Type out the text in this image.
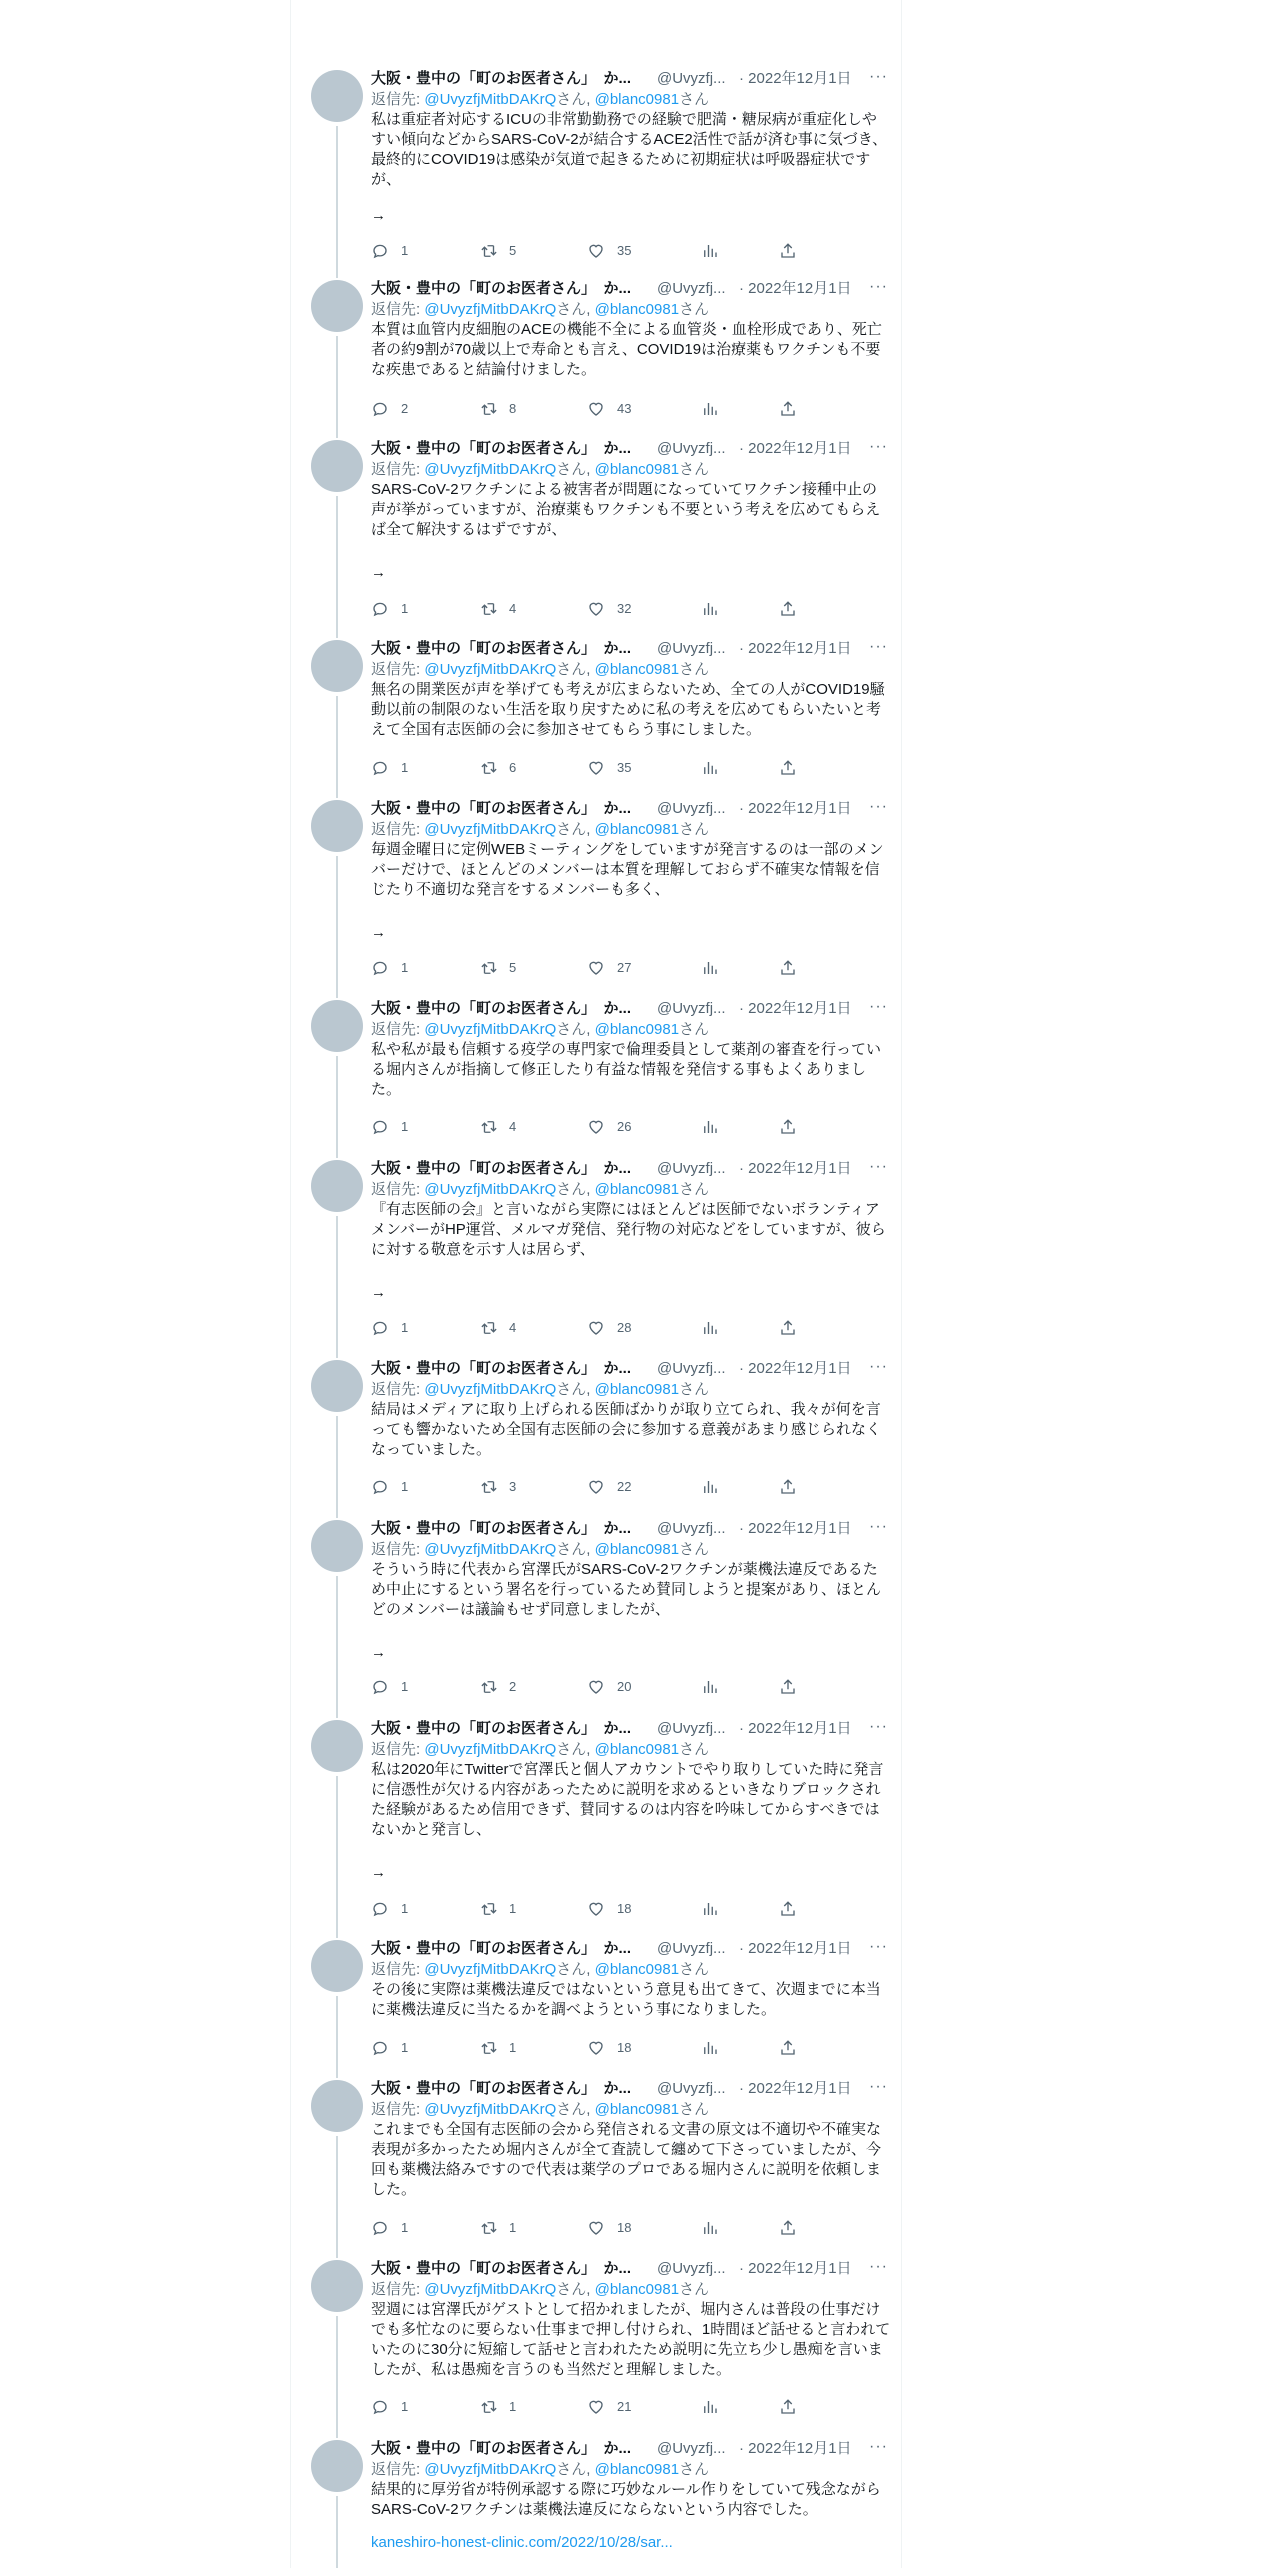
大阪・豊中の「町のお医者さん」　か... @Uvyzfj... · 2022年12月1日 ···
返信先: @UvyzfjMitbDAKrQさん, @blanc0981さん
私は重症者対応するICUの非常勤勤務での経験で肥満・糖尿病が重症化しやすい傾向などからSARS-CoV-2が結合するACE2活性で話が済む事に気づき、最終的にCOVID19は感染が気道で起きるために初期症状は呼吸器症状ですが、
→
1	5	35
大阪・豊中の「町のお医者さん」　か... @Uvyzfj... · 2022年12月1日 ···
返信先: @UvyzfjMitbDAKrQさん, @blanc0981さん
本質は血管内皮細胞のACEの機能不全による血管炎・血栓形成であり、死亡者の約9割が70歳以上で寿命とも言え、COVID19は治療薬もワクチンも不要な疾患であると結論付けました。
2	8	43
大阪・豊中の「町のお医者さん」　か... @Uvyzfj... · 2022年12月1日 ···
返信先: @UvyzfjMitbDAKrQさん, @blanc0981さん
SARS-CoV-2ワクチンによる被害者が問題になっていてワクチン接種中止の声が挙がっていますが、治療薬もワクチンも不要という考えを広めてもらえば全て解決するはずですが、
→
1	4	32
大阪・豊中の「町のお医者さん」　か... @Uvyzfj... · 2022年12月1日 ···
返信先: @UvyzfjMitbDAKrQさん, @blanc0981さん
無名の開業医が声を挙げても考えが広まらないため、全ての人がCOVID19騒動以前の制限のない生活を取り戻すために私の考えを広めてもらいたいと考えて全国有志医師の会に参加させてもらう事にしました。
1	6	35
大阪・豊中の「町のお医者さん」　か... @Uvyzfj... · 2022年12月1日 ···
返信先: @UvyzfjMitbDAKrQさん, @blanc0981さん
毎週金曜日に定例WEBミーティングをしていますが発言するのは一部のメンバーだけで、ほとんどのメンバーは本質を理解しておらず不確実な情報を信じたり不適切な発言をするメンバーも多く、
→
1	5	27
大阪・豊中の「町のお医者さん」　か... @Uvyzfj... · 2022年12月1日 ···
返信先: @UvyzfjMitbDAKrQさん, @blanc0981さん
私や私が最も信頼する疫学の専門家で倫理委員として薬剤の審査を行っている堀内さんが指摘して修正したり有益な情報を発信する事もよくありました。
1	4	26
大阪・豊中の「町のお医者さん」　か... @Uvyzfj... · 2022年12月1日 ···
返信先: @UvyzfjMitbDAKrQさん, @blanc0981さん
『有志医師の会』と言いながら実際にはほとんどは医師でないボランティアメンバーがHP運営、メルマガ発信、発行物の対応などをしていますが、彼らに対する敬意を示す人は居らず、
→
1	4	28
大阪・豊中の「町のお医者さん」　か... @Uvyzfj... · 2022年12月1日 ···
返信先: @UvyzfjMitbDAKrQさん, @blanc0981さん
結局はメディアに取り上げられる医師ばかりが取り立てられ、我々が何を言っても響かないため全国有志医師の会に参加する意義があまり感じられなくなっていました。
1	3	22
大阪・豊中の「町のお医者さん」　か... @Uvyzfj... · 2022年12月1日 ···
返信先: @UvyzfjMitbDAKrQさん, @blanc0981さん
そういう時に代表から宮澤氏がSARS-CoV-2ワクチンが薬機法違反であるため中止にするという署名を行っているため賛同しようと提案があり、ほとんどのメンバーは議論もせず同意しましたが、
→
1	2	20
大阪・豊中の「町のお医者さん」　か... @Uvyzfj... · 2022年12月1日 ···
返信先: @UvyzfjMitbDAKrQさん, @blanc0981さん
私は2020年にTwitterで宮澤氏と個人アカウントでやり取りしていた時に発言に信憑性が欠ける内容があったために説明を求めるといきなりブロックされた経験があるため信用できず、賛同するのは内容を吟味してからすべきではないかと発言し、
→
1	1	18
大阪・豊中の「町のお医者さん」　か... @Uvyzfj... · 2022年12月1日 ···
返信先: @UvyzfjMitbDAKrQさん, @blanc0981さん
その後に実際は薬機法違反ではないという意見も出てきて、次週までに本当に薬機法違反に当たるかを調べようという事になりました。
1	1	18
大阪・豊中の「町のお医者さん」　か... @Uvyzfj... · 2022年12月1日 ···
返信先: @UvyzfjMitbDAKrQさん, @blanc0981さん
これまでも全国有志医師の会から発信される文書の原文は不適切や不確実な表現が多かったため堀内さんが全て査読して纏めて下さっていましたが、今回も薬機法絡みですので代表は薬学のプロである堀内さんに説明を依頼しました。
1	1	18
大阪・豊中の「町のお医者さん」　か... @Uvyzfj... · 2022年12月1日 ···
返信先: @UvyzfjMitbDAKrQさん, @blanc0981さん
翌週には宮澤氏がゲストとして招かれましたが、堀内さんは普段の仕事だけでも多忙なのに要らない仕事まで押し付けられ、1時間ほど話せると言われていたのに30分に短縮して話せと言われたため説明に先立ち少し愚痴を言いましたが、私は愚痴を言うのも当然だと理解しました。
1	1	21
大阪・豊中の「町のお医者さん」　か... @Uvyzfj... · 2022年12月1日 ···
返信先: @UvyzfjMitbDAKrQさん, @blanc0981さん
結果的に厚労省が特例承認する際に巧妙なルール作りをしていて残念ながらSARS-CoV-2ワクチンは薬機法違反にならないという内容でした。
kaneshiro-honest-clinic.com/2022/10/28/sar...
